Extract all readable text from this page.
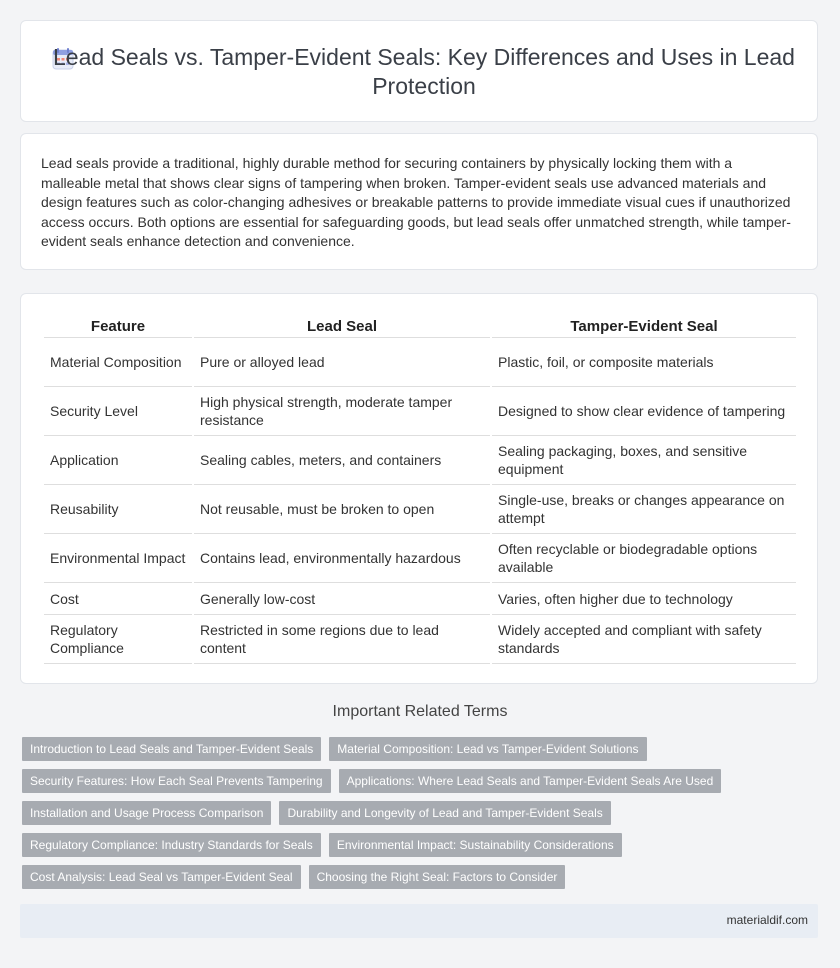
Lead Seals vs. Tamper-Evident Seals: Key Differences and Uses in Lead Protection

Lead seals provide a traditional, highly durable method for securing containers by physically locking them with a malleable metal that shows clear signs of tampering when broken. Tamper-evident seals use advanced materials and design features such as color-changing adhesives or breakable patterns to provide immediate visual cues if unauthorized access occurs. Both options are essential for safeguarding goods, but lead seals offer unmatched strength, while tamper-evident seals enhance detection and convenience.

Feature	Lead Seal	Tamper-Evident Seal
Material Composition	Pure or alloyed lead	Plastic, foil, or composite materials
Security Level	High physical strength, moderate tamper resistance	Designed to show clear evidence of tampering
Application	Sealing cables, meters, and containers	Sealing packaging, boxes, and sensitive equipment
Reusability	Not reusable, must be broken to open	Single-use, breaks or changes appearance on attempt
Environmental Impact	Contains lead, environmentally hazardous	Often recyclable or biodegradable options available
Cost	Generally low-cost	Varies, often higher due to technology
Regulatory Compliance	Restricted in some regions due to lead content	Widely accepted and compliant with safety standards
Important Related Terms
Introduction to Lead Seals and Tamper-Evident Seals	Material Composition: Lead vs Tamper-Evident Solutions
Security Features: How Each Seal Prevents Tampering	Applications: Where Lead Seals and Tamper-Evident Seals Are Used
Installation and Usage Process Comparison	Durability and Longevity of Lead and Tamper-Evident Seals
Regulatory Compliance: Industry Standards for Seals	Environmental Impact: Sustainability Considerations
Cost Analysis: Lead Seal vs Tamper-Evident Seal	Choosing the Right Seal: Factors to Consider
materialdif.com
